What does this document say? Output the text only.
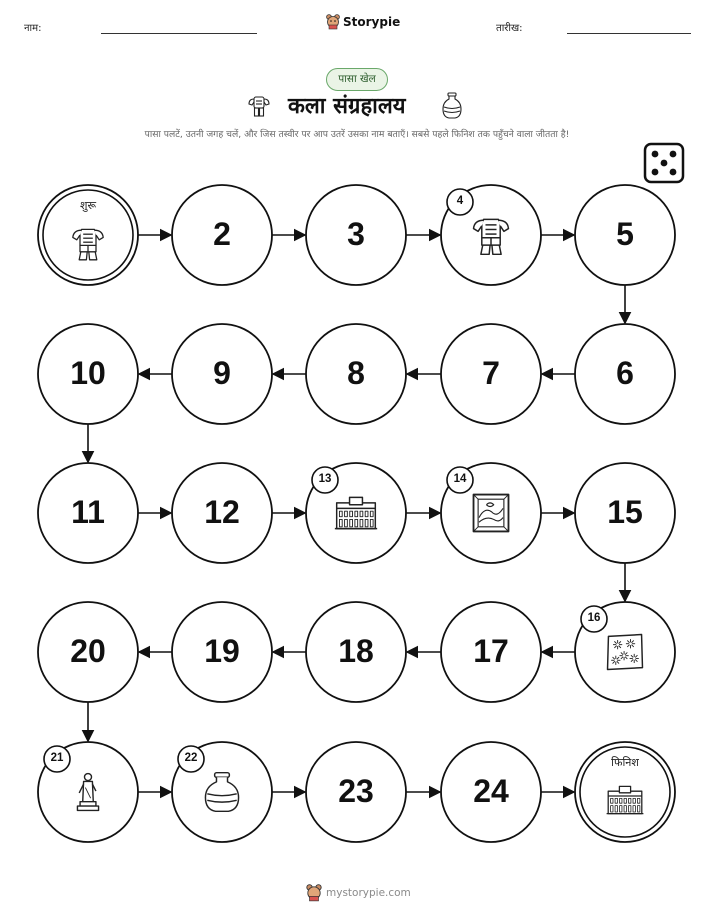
नाम:	Storypie	तारीख:
पासा खेल
कला संग्रहालय
पासा पलटें, उतनी जगह चलें, और जिस तस्वीर पर आप उतरें उसका नाम बताएँ। सबसे पहले फिनिश तक पहुँचने वाला जीतता है!
शुरू
2	3
4
5
6
7
8
9
10
11	12
13	14
15
16
17
18
19
20
21	22
23	24
फिनिश
mystorypie.com
